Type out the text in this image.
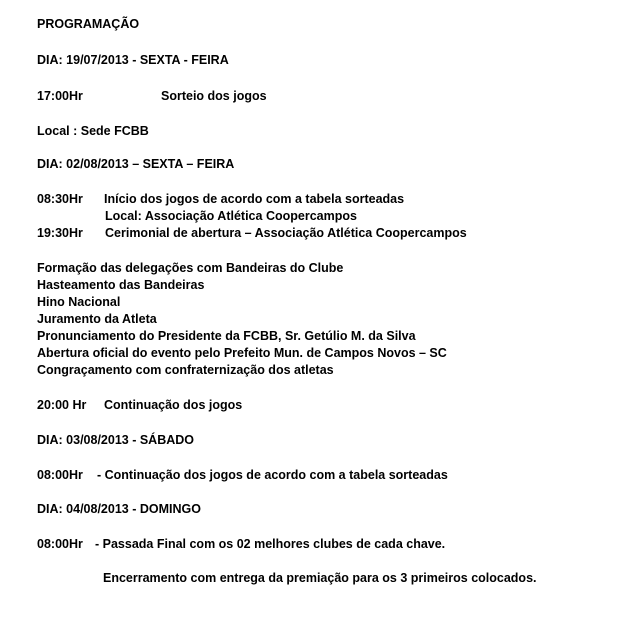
PROGRAMAÇÃO
DIA: 19/07/2013 - SEXTA - FEIRA
17:00Hr	Sorteio dos jogos
Local : Sede FCBB
DIA: 02/08/2013 – SEXTA – FEIRA
08:30Hr Início dos jogos de acordo com a tabela sorteadas
Local: Associação Atlética Coopercampos
19:30Hr Cerimonial de abertura – Associação Atlética Coopercampos
Formação das delegações com Bandeiras do Clube
Hasteamento das Bandeiras
Hino Nacional
Juramento da Atleta
Pronunciamento do Presidente da FCBB, Sr. Getúlio M. da Silva
Abertura oficial do evento pelo Prefeito Mun. de Campos Novos – SC
Congraçamento com confraternização dos atletas
20:00 Hr Continuação dos jogos
DIA: 03/08/2013 - SÁBADO
08:00Hr - Continuação dos jogos de acordo com a tabela sorteadas
DIA: 04/08/2013 - DOMINGO
08:00Hr - Passada Final com os 02 melhores clubes de cada chave.
Encerramento com entrega da premiação para os 3 primeiros colocados.
